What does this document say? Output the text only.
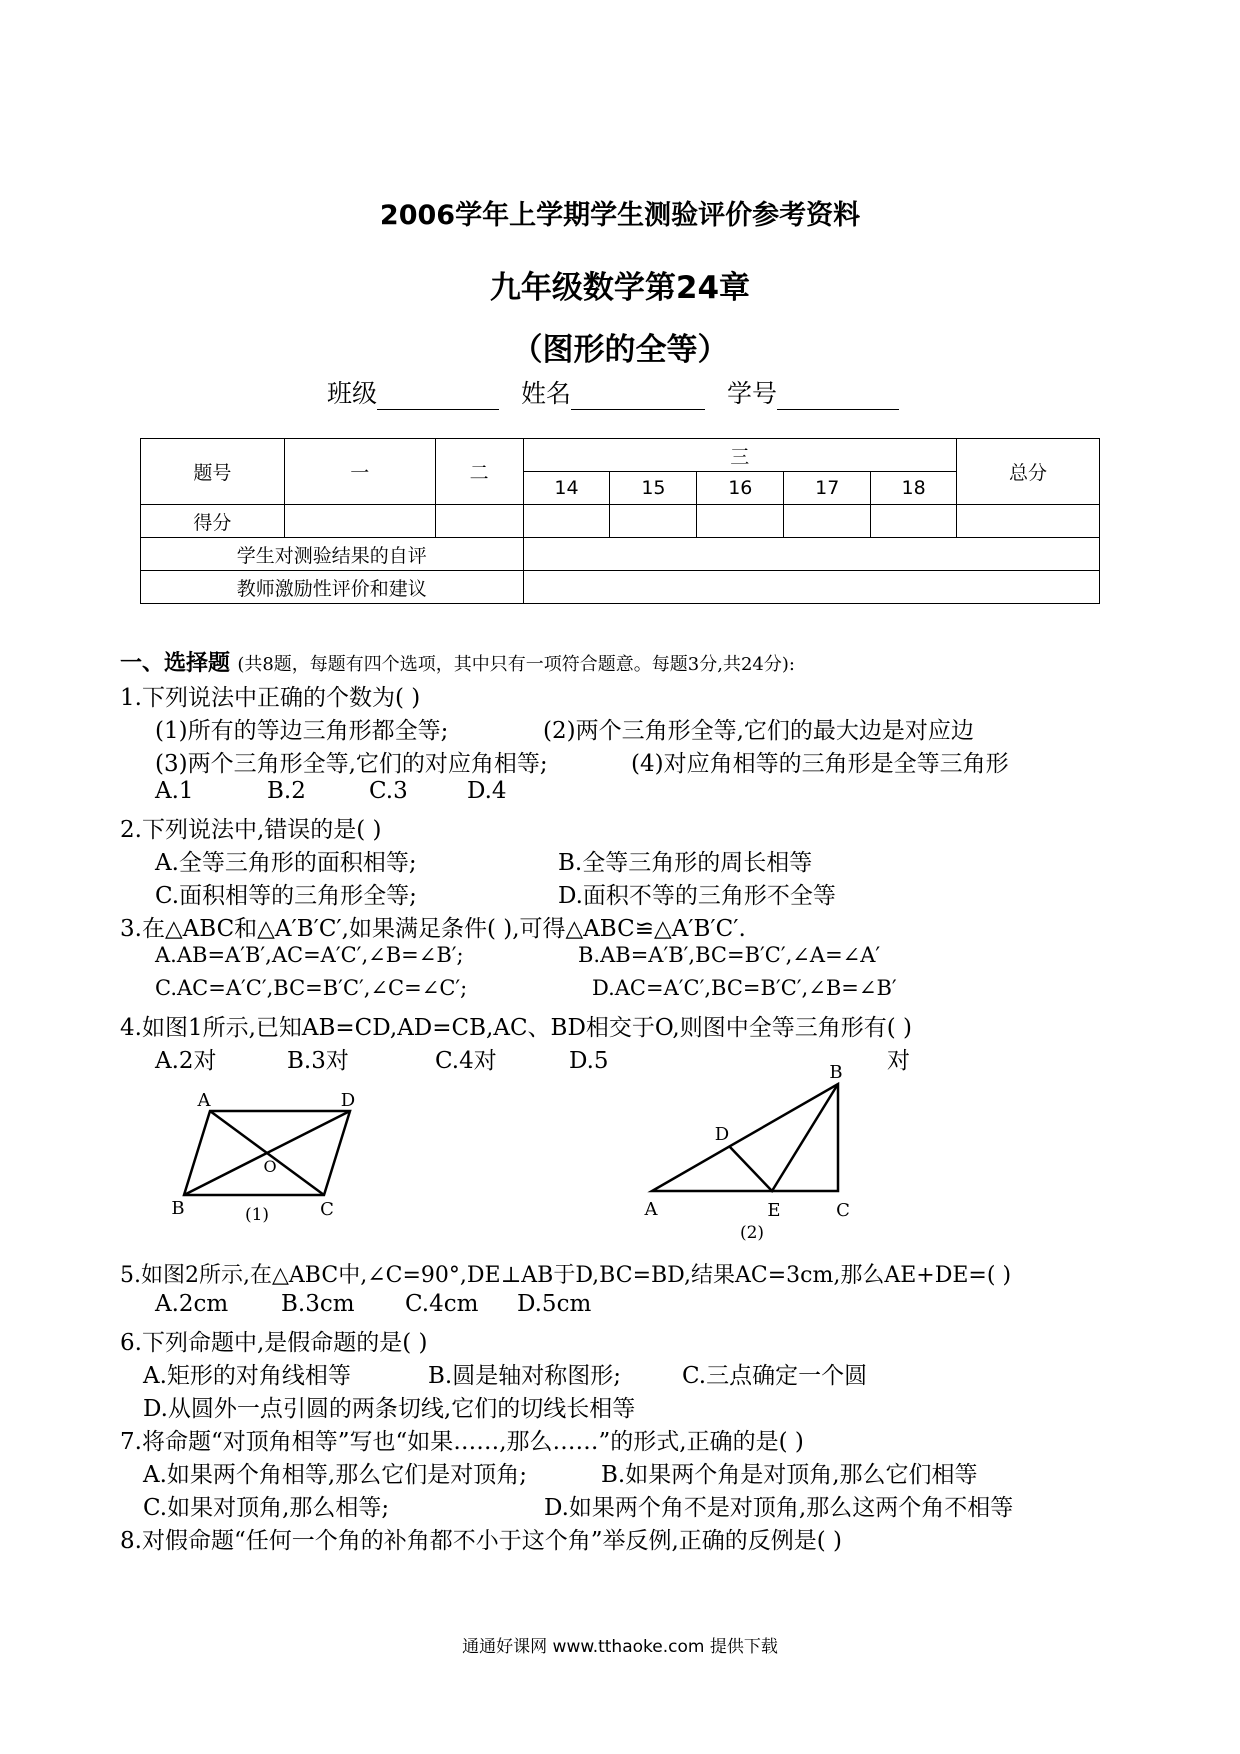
2006学年上学期学生测验评价参考资料
九年级数学第24章
（图形的全等）
班级	姓名	学号
题号	一	二	三					总分
			14	15	16	17	18	
得分								
学生对测验结果的自评								
教师激励性评价和建议								
一、选择题 (共8题，每题有四个选项，其中只有一项符合题意。每题3分,共24分):
1.下列说法中正确的个数为( )
(1)所有的等边三角形都全等;	(2)两个三角形全等,它们的最大边是对应边
(3)两个三角形全等,它们的对应角相等;	(4)对应角相等的三角形是全等三角形
A.1	B.2	C.3	D.4
2.下列说法中,错误的是( )
A.全等三角形的面积相等;	B.全等三角形的周长相等
C.面积相等的三角形全等;	D.面积不等的三角形不全等
3.在△ABC和△A′B′C′,如果满足条件( ),可得△ABC≌△A′B′C′.
A.AB=A′B′,AC=A′C′,∠B=∠B′;	B.AB=A′B′,BC=B′C′,∠A=∠A′
C.AC=A′C′,BC=B′C′,∠C=∠C′;	D.AC=A′C′,BC=B′C′,∠B=∠B′
4.如图1所示,已知AB=CD,AD=CB,AC、BD相交于O,则图中全等三角形有( )
A.2对	B.3对	C.4对	D.5	对
A	D
B	C
O
(1)
B
D
A	E	C
(2)
5.如图2所示,在△ABC中,∠C=90°,DE⊥AB于D,BC=BD,结果AC=3cm,那么AE+DE=( )
A.2cm B.3cm C.4cm D.5cm
6.下列命题中,是假命题的是( )
A.矩形的对角线相等	B.圆是轴对称图形;	C.三点确定一个圆
D.从圆外一点引圆的两条切线,它们的切线长相等
7.将命题“对顶角相等”写也“如果……,那么……”的形式,正确的是( )
A.如果两个角相等,那么它们是对顶角;	B.如果两个角是对顶角,那么它们相等
C.如果对顶角,那么相等;	D.如果两个角不是对顶角,那么这两个角不相等
8.对假命题“任何一个角的补角都不小于这个角”举反例,正确的反例是( )
通通好课网 www.tthaoke.com 提供下载
